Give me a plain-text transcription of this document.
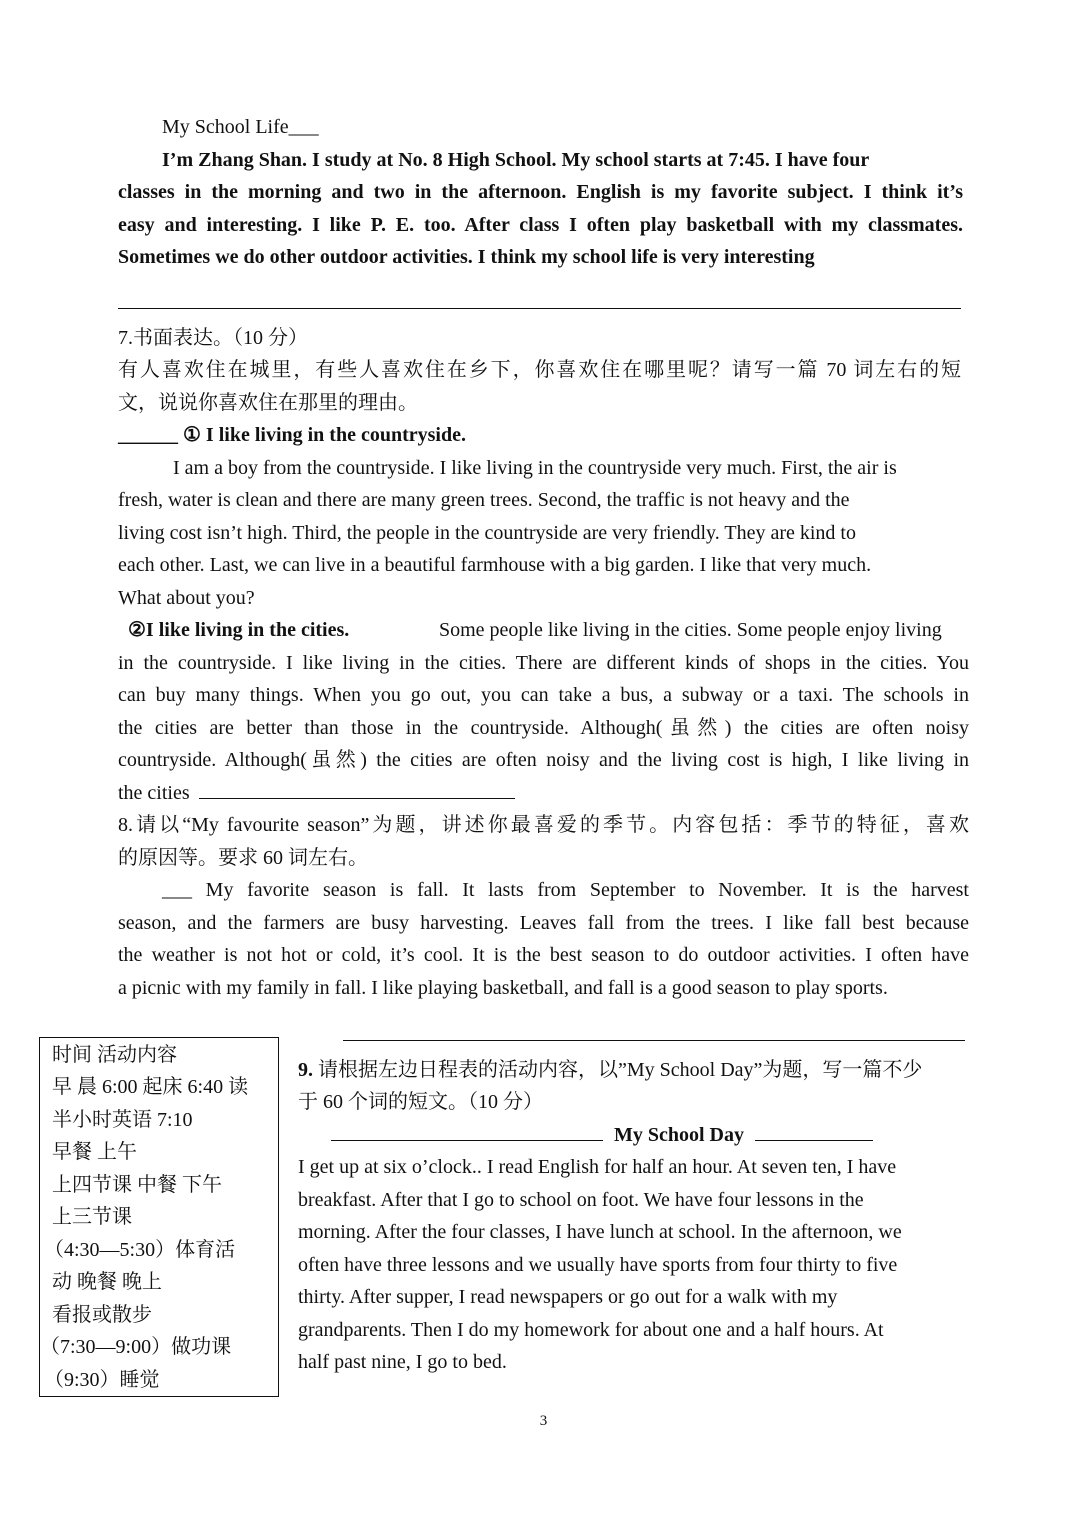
My School Life___
I’m Zhang Shan. I study at No. 8 High School. My school starts at 7:45. I have four
classes in the morning and two in the afternoon. English is my favorite subject. I think it’s
easy and interesting. I like P. E. too. After class I often play basketball with my classmates.
Sometimes we do other outdoor activities. I think my school life is very interesting
7.书面表达。（10 分）
有人喜欢住在城里，有些人喜欢住在乡下，你喜欢住在哪里呢？请写一篇 70 词左右的短
文，说说你喜欢住在那里的理由。
______ ① I like living in the countryside.
I am a boy from the countryside. I like living in the countryside very much. First, the air is
fresh, water is clean and there are many green trees. Second, the traffic is not heavy and the
living cost isn’t high. Third, the people in the countryside are very friendly. They are kind to
each other. Last, we can live in a beautiful farmhouse with a big garden. I like that very much.
What about you?
②I like living in the cities.	Some people like living in the cities. Some people enjoy living
in the countryside. I like living in the cities. There are different kinds of shops in the cities. You
can buy many things. When you go out, you can take a bus, a subway or a taxi. The schools in
the cities are better than those in the countryside. Although(虽然) the cities are often noisy
countryside. Although(虽然) the cities are often noisy and the living cost is high, I like living in
the cities
8.请以“My favourite season”为题，讲述你最喜爱的季节。内容包括：季节的特征，喜欢
的原因等。要求 60 词左右。
___ My favorite season is fall. It lasts from September to November. It is the harvest
season, and the farmers are busy harvesting. Leaves fall from the trees. I like fall best because
the weather is not hot or cold, it’s cool. It is the best season to do outdoor activities. I often have
a picnic with my family in fall. I like playing basketball, and fall is a good season to play sports.
时间 活动内容
早 晨 6:00 起床 6:40 读
半小时英语 7:10
早餐 上午
上四节课 中餐 下午
上三节课
（4:30—5:30）体育活
动 晚餐 晚上
看报或散步
（7:30—9:00）做功课
（9:30）睡觉
9. 请根据左边日程表的活动内容，以”My School Day”为题，写一篇不少
于 60 个词的短文。（10 分）
My School Day
I get up at six o’clock.. I read English for half an hour. At seven ten, I have
breakfast. After that I go to school on foot. We have four lessons in the
morning. After the four classes, I have lunch at school. In the afternoon, we
often have three lessons and we usually have sports from four thirty to five
thirty. After supper, I read newspapers or go out for a walk with my
grandparents. Then I do my homework for about one and a half hours. At
half past nine, I go to bed.
3
